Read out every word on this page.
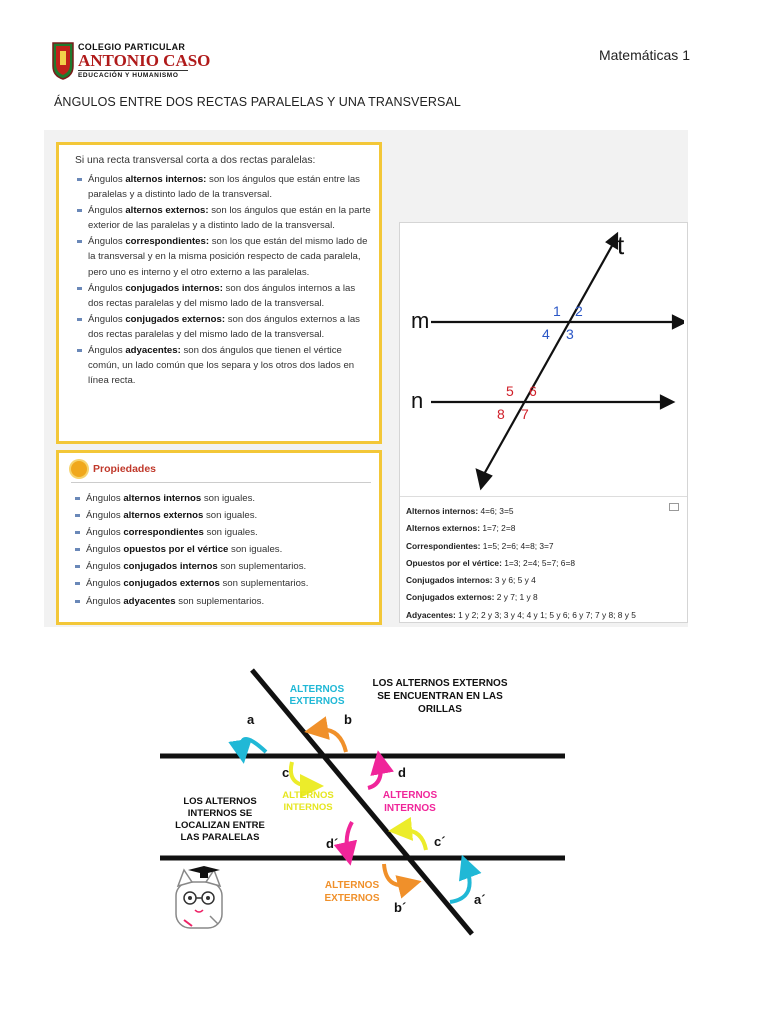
COLEGIO PARTICULAR
ANTONIO CASO
EDUCACIÓN Y HUMANISMO
Matemáticas 1
ÁNGULOS ENTRE DOS RECTAS PARALELAS Y UNA TRANSVERSAL
Si una recta transversal corta a dos rectas paralelas:
Ángulos alternos internos: son los ángulos que están entre las paralelas y a distinto lado de la transversal.
Ángulos alternos externos: son los ángulos que están en la parte exterior de las paralelas y a distinto lado de la transversal.
Ángulos correspondientes: son los que están del mismo lado de la transversal y en la misma posición respecto de cada paralela, pero uno es interno y el otro externo a las paralelas.
Ángulos conjugados internos: son dos ángulos internos a las dos rectas paralelas y del mismo lado de la transversal.
Ángulos conjugados externos: son dos ángulos externos a las dos rectas paralelas y del mismo lado de la transversal.
Ángulos adyacentes: son dos ángulos que tienen el vértice común, un lado común que los separa y los otros dos lados en línea recta.
Propiedades
Ángulos alternos internos son iguales.
Ángulos alternos externos son iguales.
Ángulos correspondientes son iguales.
Ángulos opuestos por el vértice son iguales.
Ángulos conjugados internos son suplementarios.
Ángulos conjugados externos son suplementarios.
Ángulos adyacentes son suplementarios.
t
m
n
1 2
3
4
5 6
7
8
Alternos internos: 4=6; 3=5
Alternos externos: 1=7; 2=8
Correspondientes: 1=5; 2=6; 4=8; 3=7
Opuestos por el vértice: 1=3; 2=4; 5=7; 6=8
Conjugados internos: 3 y 6; 5 y 4
Conjugados externos: 2 y 7; 1 y 8
Adyacentes: 1 y 2; 2 y 3; 3 y 4; 4 y 1; 5 y 6; 6 y 7; 7 y 8; 8 y 5
ALTERNOS
EXTERNOS
LOS ALTERNOS EXTERNOS
SE ENCUENTRAN EN LAS
ORILLAS
a	b
c	d
ALTERNOS
INTERNOS
ALTERNOS
INTERNOS
LOS ALTERNOS
INTERNOS SE
LOCALIZAN ENTRE
LAS PARALELAS	d´	c´
a´
b´
ALTERNOS
EXTERNOS
